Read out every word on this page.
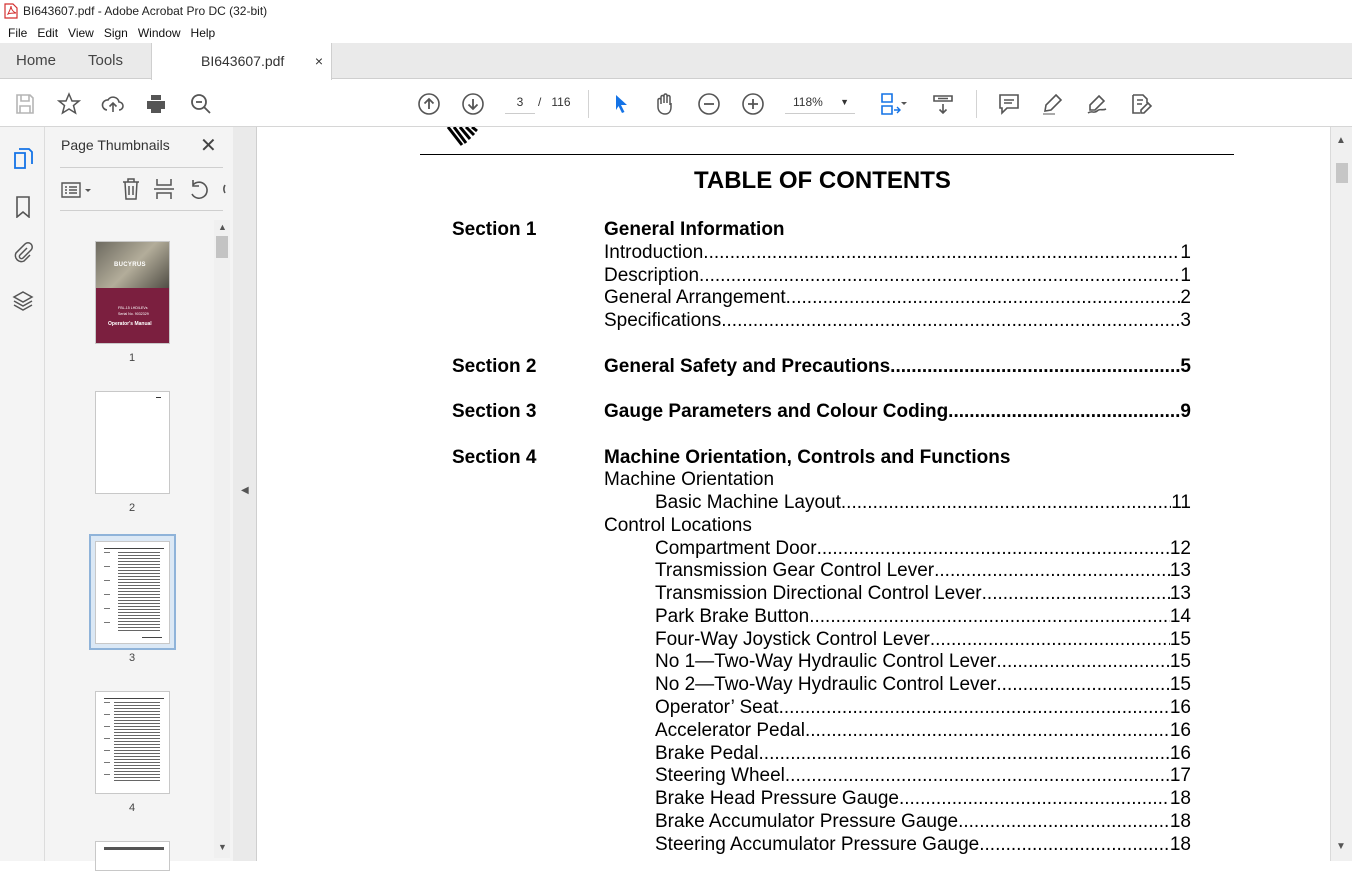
BI643607.pdf - Adobe Acrobat Pro DC (32-bit)
File Edit View Sign Window Help
Home Tools	BI643607.pdf ×
3	/ 116	118% ▼
Page Thumbnails ✕
BUCYRUS
FBL-15 LHD/LEVs
Serial No. 9032329
Operator's Manual
1
2
3
4
▲
▼
◀
TABLE OF CONTENTS
Section 1	General Information
Introduction .....	1
Description .....	1
General Arrangement .....	2
Specifications .....	3
Section 2	General Safety and Precautions .....	5
Section 3	Gauge Parameters and Colour Coding .....	9
Section 4	Machine Orientation, Controls and Functions
Machine Orientation
Basic Machine Layout .....	11
Control Locations
Compartment Door .....	12
Transmission Gear Control Lever .....	13
Transmission Directional Control Lever .....	13
Park Brake Button .....	14
Four-Way Joystick Control Lever .....	15
No 1—Two-Way Hydraulic Control Lever .....	15
No 2—Two-Way Hydraulic Control Lever .....	15
Operator’ Seat .....	16
Accelerator Pedal .....	16
Brake Pedal .....	16
Steering Wheel .....	17
Brake Head Pressure Gauge .....	18
Brake Accumulator Pressure Gauge .....	18
Steering Accumulator Pressure Gauge .....	18
▲
▼
